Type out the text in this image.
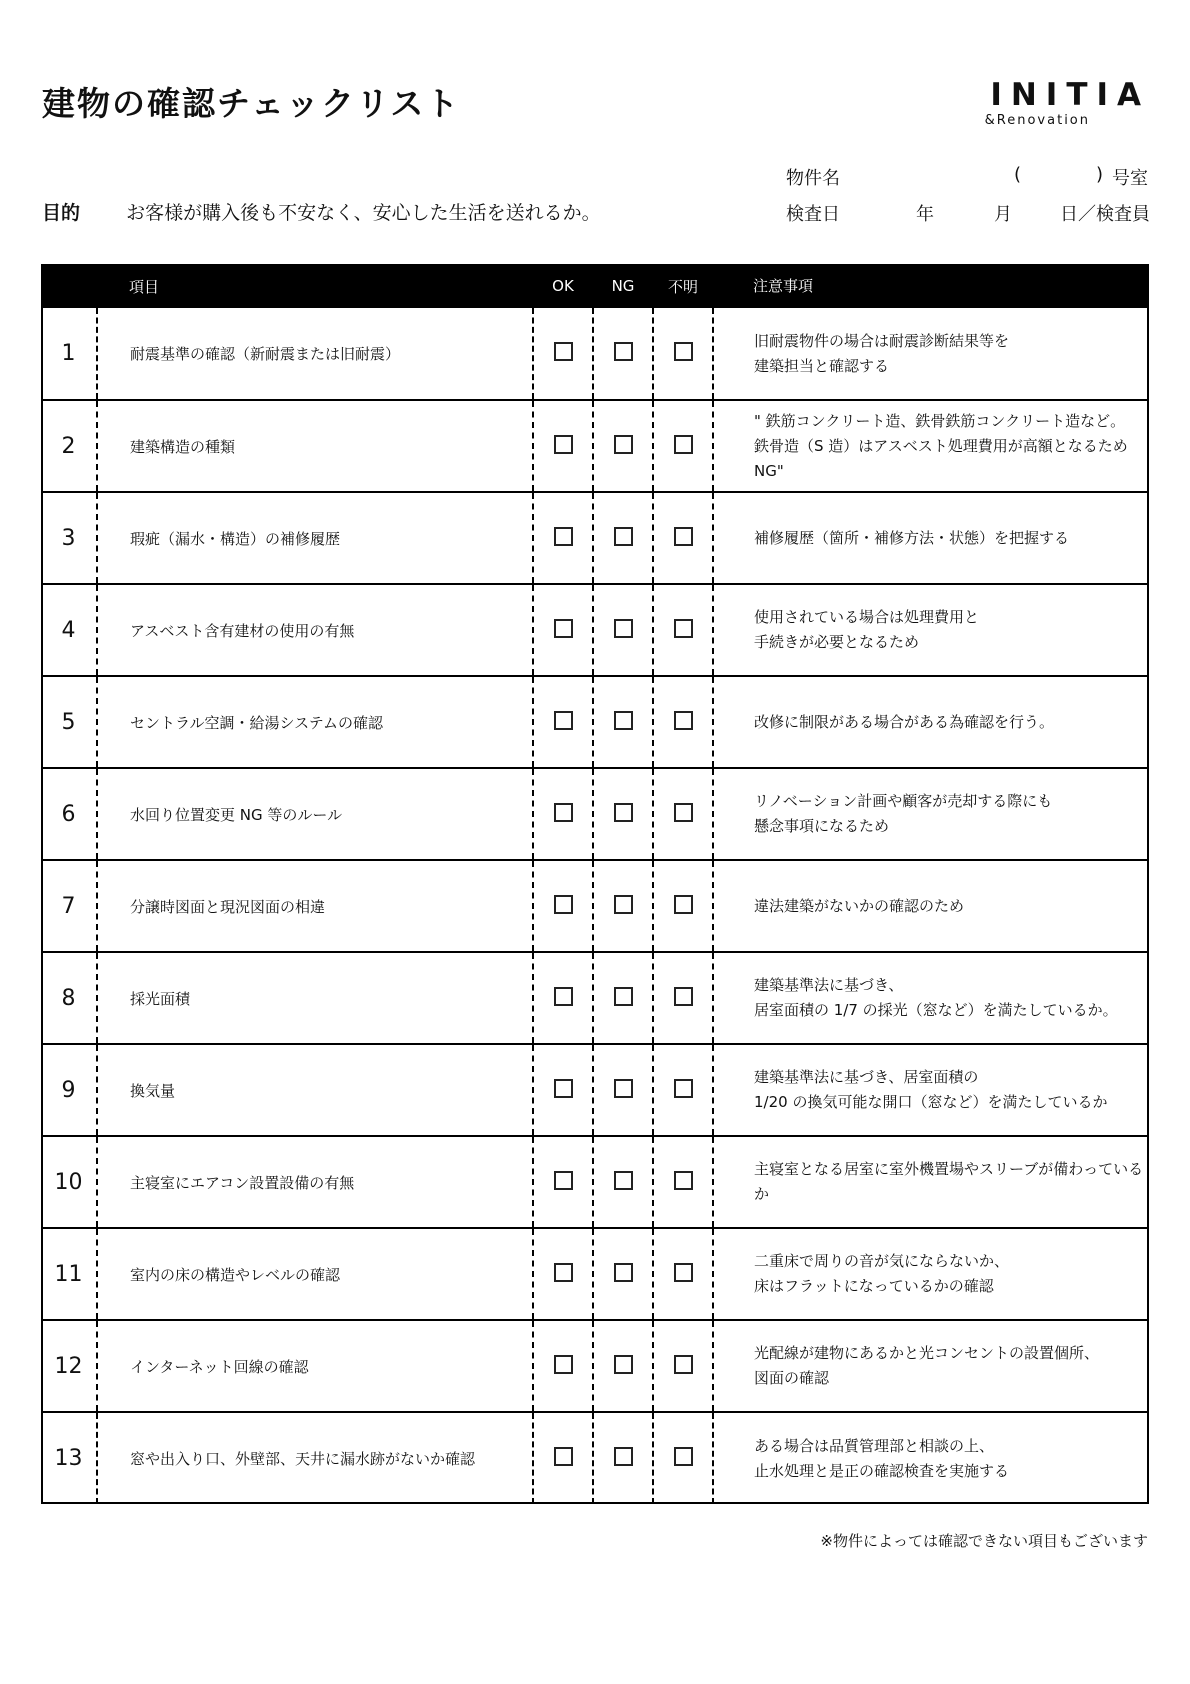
建物の確認チェックリスト	INITIA
&Renovation
物件名	(	) 号室
検査日	年	月	日／検査員
目的 お客様が購入後も不安なく、安心した生活を送れるか。
	項目	OK	NG	不明	注意事項
1	耐震基準の確認（新耐震または旧耐震）				旧耐震物件の場合は耐震診断結果等を
建築担当と確認する

2	建築構造の種類				" 鉄筋コンクリート造、鉄骨鉄筋コンクリート造など。
鉄骨造（S 造）はアスベスト処理費用が高額となるため NG"

3	瑕疵（漏水・構造）の補修履歴				補修履歴（箇所・補修方法・状態）を把握する

4	アスベスト含有建材の使用の有無				使用されている場合は処理費用と
手続きが必要となるため

5	セントラル空調・給湯システムの確認				改修に制限がある場合がある為確認を行う。

6	水回り位置変更 NG 等のルール				リノベーション計画や顧客が売却する際にも
懸念事項になるため

7	分譲時図面と現況図面の相違				違法建築がないかの確認のため

8	採光面積				建築基準法に基づき、
居室面積の 1/7 の採光（窓など）を満たしているか。

9	換気量				建築基準法に基づき、居室面積の
1/20 の換気可能な開口（窓など）を満たしているか

10	主寝室にエアコン設置設備の有無				主寝室となる居室に室外機置場やスリーブが備わっているか

11	室内の床の構造やレベルの確認				二重床で周りの音が気にならないか、
床はフラットになっているかの確認

12	インターネット回線の確認				光配線が建物にあるかと光コンセントの設置個所、
図面の確認

13	窓や出入り口、外壁部、天井に漏水跡がないか確認				ある場合は品質管理部と相談の上、
止水処理と是正の確認検査を実施する
※物件によっては確認できない項目もございます
